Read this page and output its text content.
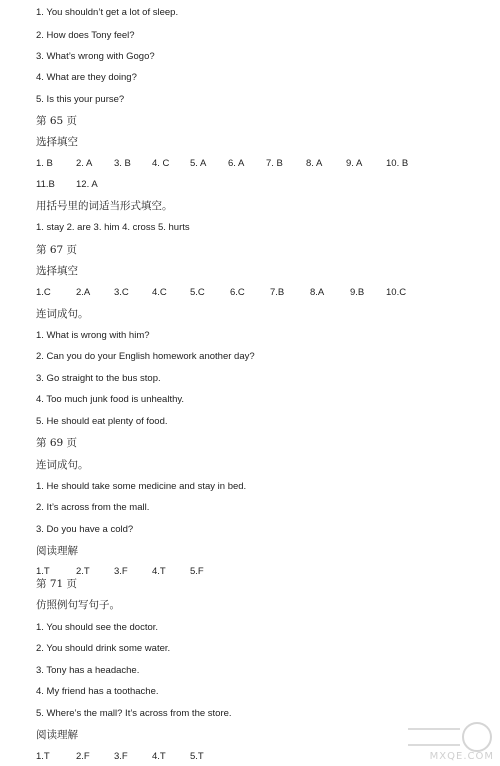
1. You shouldn’t get a lot of sleep.
2. How does Tony feel?
3. What’s wrong with Gogo?
4. What are they doing?
5. Is this your purse?
第 65 页
选择填空
1. B 2. A 3. B 4. C 5. A 6. A 7. B 8. A 9. A 10. B
11.B 12. A
用括号里的词适当形式填空。
1. stay 2. are 3. him 4. cross 5. hurts
第 67 页
选择填空
1.C	2.A 3.C 4.C 5.C	6.C	7.B	8.A	9.B 10.C
连词成句。
1. What is wrong with him?
2. Can you do your English homework another day?
3. Go straight to the bus stop.
4. Too much junk food is unhealthy.
5. He should eat plenty of food.
第 69 页
连词成句。
1. He should take some medicine and stay in bed.
2. It’s across from the mall.
3. Do you have a cold?
阅读理解
1.T	2.T	3.F	4.T	5.F
第 71 页
仿照例句写句子。
1. You should see the doctor.
2. You should drink some water.
3. Tony has a headache.
4. My friend has a toothache.
5. Where’s the mall? It’s across from the store.
阅读理解
1.T	2.F	3.F	4.T	5.T	MXQE.COM
